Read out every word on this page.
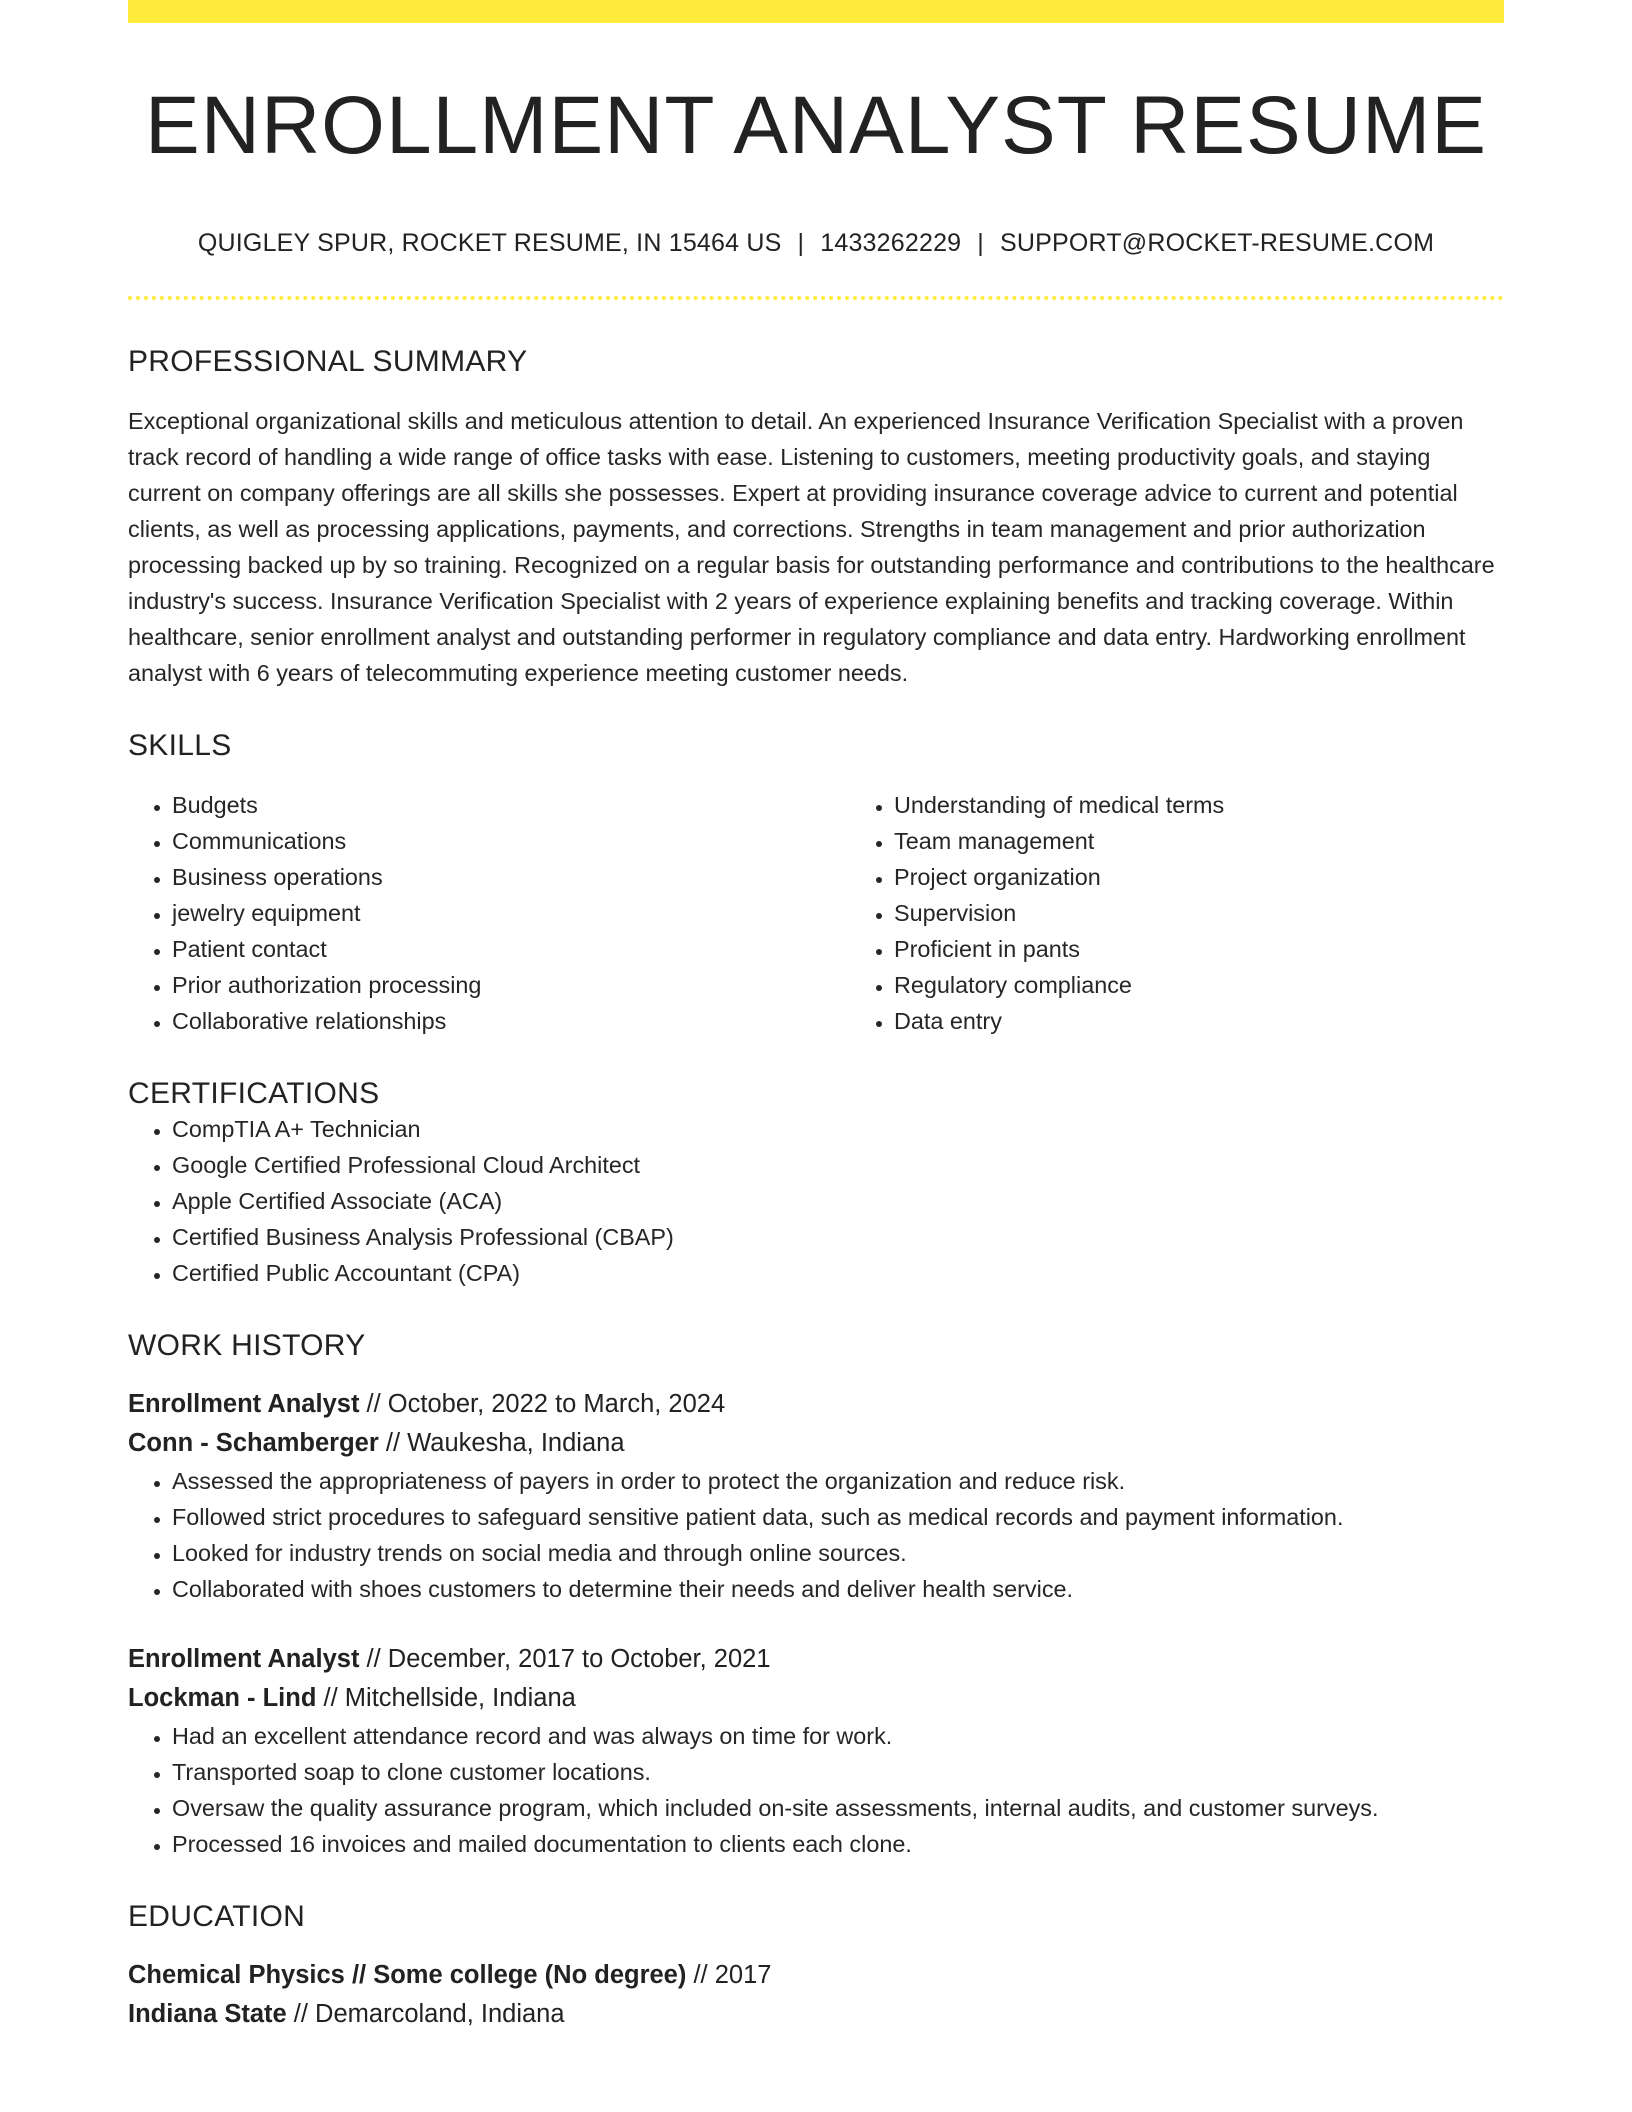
ENROLLMENT ANALYST RESUME
QUIGLEY SPUR, ROCKET RESUME, IN 15464 US | 1433262229 | SUPPORT@ROCKET-RESUME.COM
PROFESSIONAL SUMMARY

Exceptional organizational skills and meticulous attention to detail. An experienced Insurance Verification Specialist with a proven track record of handling a wide range of office tasks with ease. Listening to customers, meeting productivity goals, and staying current on company offerings are all skills she possesses. Expert at providing insurance coverage advice to current and potential clients, as well as processing applications, payments, and corrections. Strengths in team management and prior authorization processing backed up by so training. Recognized on a regular basis for outstanding performance and contributions to the healthcare industry's success. Insurance Verification Specialist with 2 years of experience explaining benefits and tracking coverage. Within healthcare, senior enrollment analyst and outstanding performer in regulatory compliance and data entry. Hardworking enrollment analyst with 6 years of telecommuting experience meeting customer needs.

SKILLS
• Budgets
• Communications
• Business operations
• jewelry equipment
• Patient contact
• Prior authorization processing
• Collaborative relationships
• Understanding of medical terms
• Team management
• Project organization
• Supervision
• Proficient in pants
• Regulatory compliance
• Data entry
CERTIFICATIONS
• CompTIA A+ Technician
• Google Certified Professional Cloud Architect
• Apple Certified Associate (ACA)
• Certified Business Analysis Professional (CBAP)
• Certified Public Accountant (CPA)
WORK HISTORY
Enrollment Analyst // October, 2022 to March, 2024
Conn - Schamberger // Waukesha, Indiana
• Assessed the appropriateness of payers in order to protect the organization and reduce risk.
• Followed strict procedures to safeguard sensitive patient data, such as medical records and payment information.
• Looked for industry trends on social media and through online sources.
• Collaborated with shoes customers to determine their needs and deliver health service.
Enrollment Analyst // December, 2017 to October, 2021
Lockman - Lind // Mitchellside, Indiana
• Had an excellent attendance record and was always on time for work.
• Transported soap to clone customer locations.
• Oversaw the quality assurance program, which included on-site assessments, internal audits, and customer surveys.
• Processed 16 invoices and mailed documentation to clients each clone.
EDUCATION
Chemical Physics // Some college (No degree) // 2017
Indiana State // Demarcoland, Indiana
